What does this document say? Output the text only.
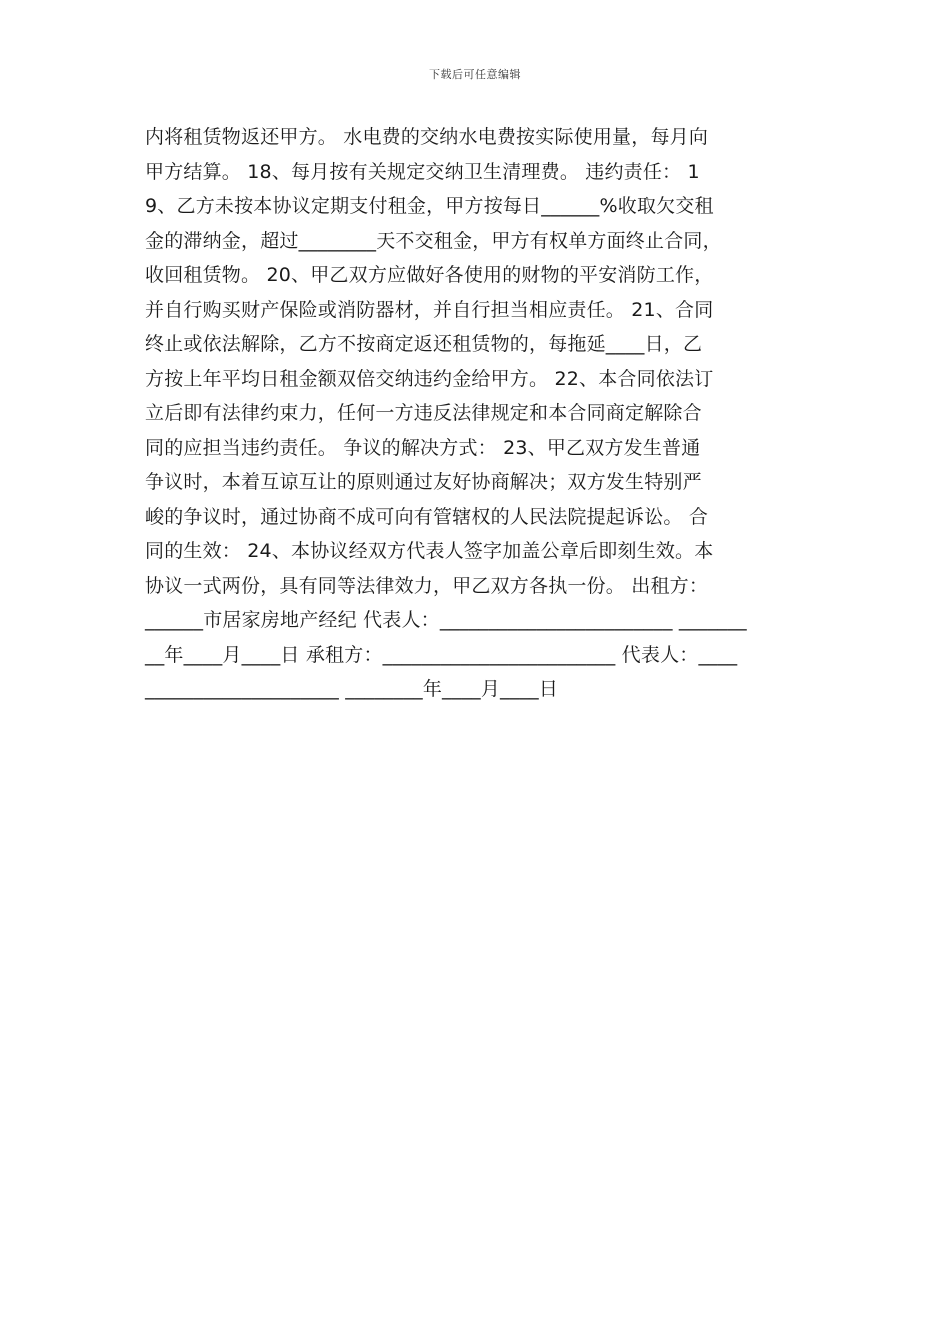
下载后可任意编辑
内将租赁物返还甲方。 水电费的交纳水电费按实际使用量，每月向
甲方结算。 18、每月按有关规定交纳卫生清理费。 违约责任： 1
9、乙方未按本协议定期支付租金，甲方按每日______%收取欠交租
金的滞纳金，超过________天不交租金，甲方有权单方面终止合同，
收回租赁物。 20、甲乙双方应做好各使用的财物的平安消防工作，
并自行购买财产保险或消防器材，并自行担当相应责任。 21、合同
终止或依法解除，乙方不按商定返还租赁物的，每拖延____日，乙
方按上年平均日租金额双倍交纳违约金给甲方。 22、本合同依法订
立后即有法律约束力，任何一方违反法律规定和本合同商定解除合
同的应担当违约责任。 争议的解决方式： 23、甲乙双方发生普通
争议时，本着互谅互让的原则通过友好协商解决；双方发生特别严
峻的争议时，通过协商不成可向有管辖权的人民法院提起诉讼。 合
同的生效： 24、本协议经双方代表人签字加盖公章后即刻生效。本
协议一式两份，具有同等法律效力，甲乙双方各执一份。 出租方：
______市居家房地产经纪 代表人：________________________ _______
__年____月____日 承租方：________________________ 代表人：____
____________________ ________年____月____日
